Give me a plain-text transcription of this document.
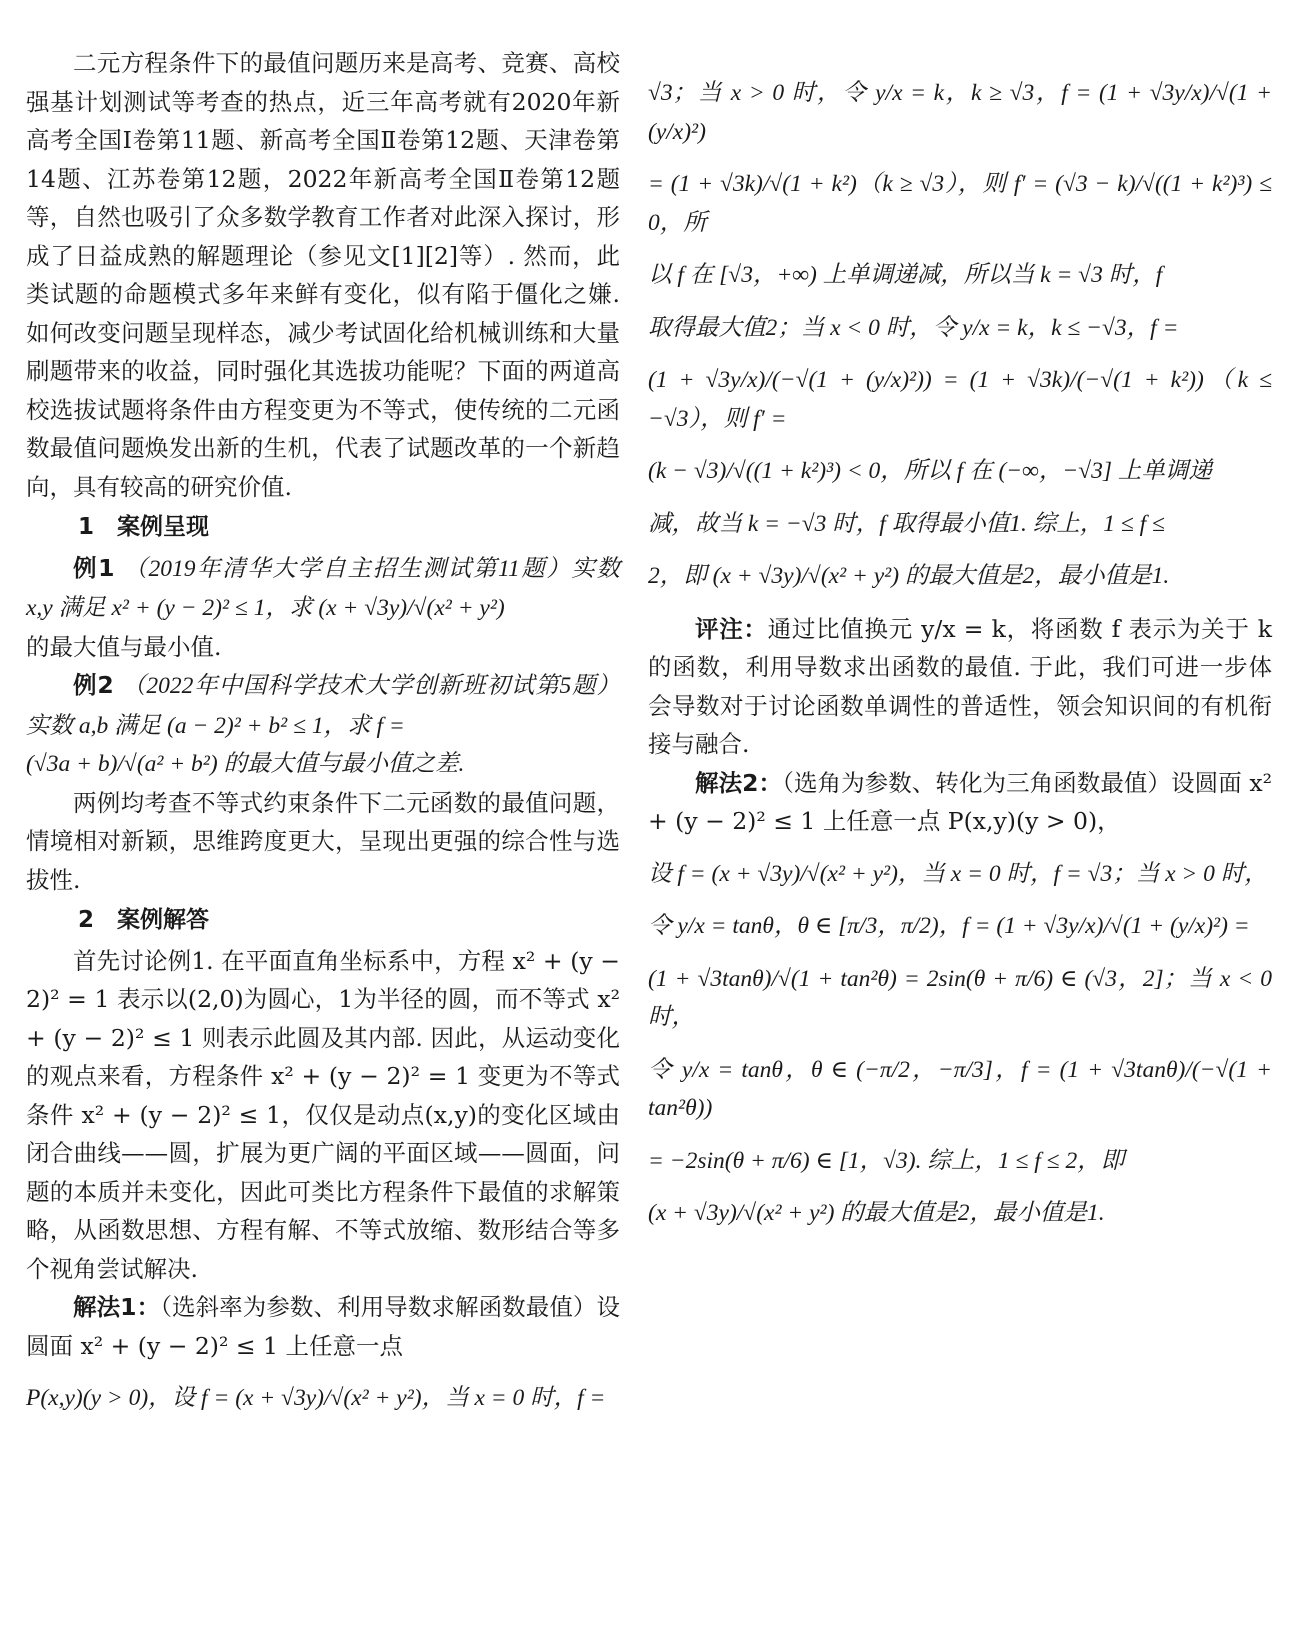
二元方程条件下的最值问题历来是高考、竞赛、高校强基计划测试等考查的热点，近三年高考就有2020年新高考全国Ⅰ卷第11题、新高考全国Ⅱ卷第12题、天津卷第14题、江苏卷第12题，2022年新高考全国Ⅱ卷第12题等，自然也吸引了众多数学教育工作者对此深入探讨，形成了日益成熟的解题理论（参见文[1][2]等）. 然而，此类试题的命题模式多年来鲜有变化，似有陷于僵化之嫌. 如何改变问题呈现样态，减少考试固化给机械训练和大量刷题带来的收益，同时强化其选拔功能呢？下面的两道高校选拔试题将条件由方程变更为不等式，使传统的二元函数最值问题焕发出新的生机，代表了试题改革的一个新趋向，具有较高的研究价值.

1　案例呈现

例1 （2019年清华大学自主招生测试第11题）实数 x,y 满足 x² + (y − 2)² ≤ 1，求 (x + √3y)/√(x² + y²)

的最大值与最小值.

例2 （2022年中国科学技术大学创新班初试第5题）实数 a,b 满足 (a − 2)² + b² ≤ 1，求 f =

(√3a + b)/√(a² + b²) 的最大值与最小值之差.

两例均考查不等式约束条件下二元函数的最值问题，情境相对新颖，思维跨度更大，呈现出更强的综合性与选拔性.

2　案例解答

首先讨论例1. 在平面直角坐标系中，方程 x² + (y − 2)² = 1 表示以(2,0)为圆心，1为半径的圆，而不等式 x² + (y − 2)² ≤ 1 则表示此圆及其内部. 因此，从运动变化的观点来看，方程条件 x² + (y − 2)² = 1 变更为不等式条件 x² + (y − 2)² ≤ 1，仅仅是动点(x,y)的变化区域由闭合曲线——圆，扩展为更广阔的平面区域——圆面，问题的本质并未变化，因此可类比方程条件下最值的求解策略，从函数思想、方程有解、不等式放缩、数形结合等多个视角尝试解决.

解法1：（选斜率为参数、利用导数求解函数最值）设圆面 x² + (y − 2)² ≤ 1 上任意一点

P(x,y)(y > 0)，设 f = (x + √3y)/√(x² + y²)，当 x = 0 时，f =

√3；当 x > 0 时，令 y/x = k，k ≥ √3，f = (1 + √3y/x)/√(1 + (y/x)²)

= (1 + √3k)/√(1 + k²)（k ≥ √3），则 f′ = (√3 − k)/√((1 + k²)³) ≤ 0，所

以 f 在 [√3，+∞) 上单调递减，所以当 k = √3 时，f

取得最大值2；当 x < 0 时，令 y/x = k，k ≤ −√3，f =

(1 + √3y/x)/(−√(1 + (y/x)²)) = (1 + √3k)/(−√(1 + k²))（k ≤ −√3），则 f′ =

(k − √3)/√((1 + k²)³) < 0，所以 f 在 (−∞，−√3] 上单调递

减，故当 k = −√3 时，f 取得最小值1. 综上，1 ≤ f ≤

2，即 (x + √3y)/√(x² + y²) 的最大值是2，最小值是1.

评注：通过比值换元 y/x = k，将函数 f 表示为关于 k 的函数，利用导数求出函数的最值. 于此，我们可进一步体会导数对于讨论函数单调性的普适性，领会知识间的有机衔接与融合.

解法2：（选角为参数、转化为三角函数最值）设圆面 x² + (y − 2)² ≤ 1 上任意一点 P(x,y)(y > 0)，

设 f = (x + √3y)/√(x² + y²)，当 x = 0 时，f = √3；当 x > 0 时，

令 y/x = tanθ，θ ∈ [π/3，π/2)，f = (1 + √3y/x)/√(1 + (y/x)²) =

(1 + √3tanθ)/√(1 + tan²θ) = 2sin(θ + π/6) ∈ (√3，2]；当 x < 0 时，

令 y/x = tanθ，θ ∈ (−π/2，−π/3]，f = (1 + √3tanθ)/(−√(1 + tan²θ))

= −2sin(θ + π/6) ∈ [1，√3). 综上，1 ≤ f ≤ 2，即

(x + √3y)/√(x² + y²) 的最大值是2，最小值是1.
